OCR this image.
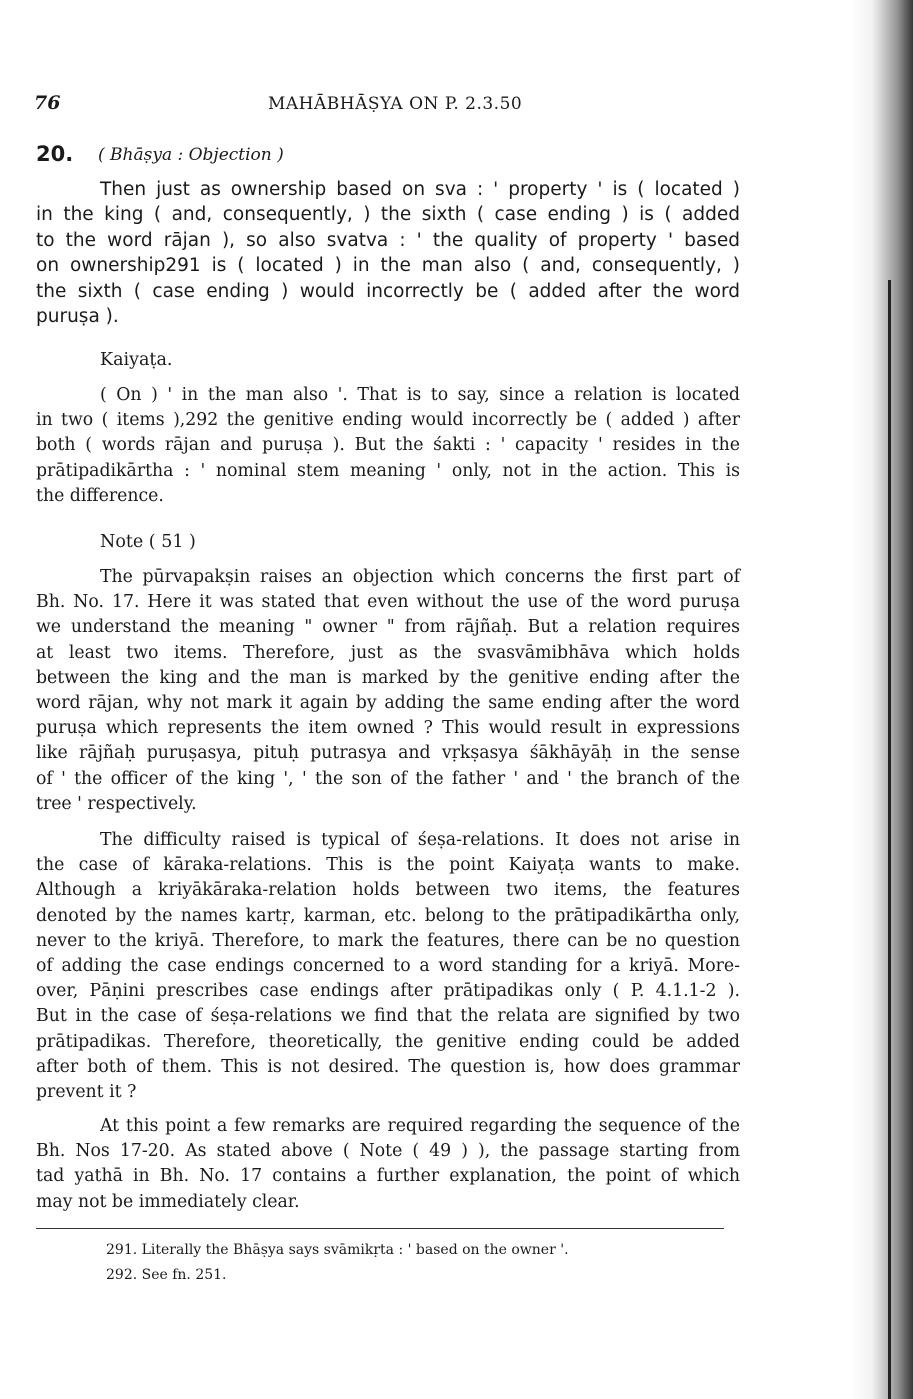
76	MAHĀBHĀṢYA ON P. 2.3.50
20. ( Bhāṣya : Objection )
Then just as ownership based on sva : ' property ' is ( located )
in the king ( and, consequently, ) the sixth ( case ending ) is ( added
to the word rājan ), so also svatva : ' the quality of property ' based
on ownership291 is ( located ) in the man also ( and, consequently, )
the sixth ( case ending ) would incorrectly be ( added after the word
puruṣa ).
Kaiyaṭa.
( On ) ' in the man also '. That is to say, since a relation is located
in two ( items ),292 the genitive ending would incorrectly be ( added ) after
both ( words rājan and puruṣa ). But the śakti : ' capacity ' resides in the
prātipadikārtha : ' nominal stem meaning ' only, not in the action. This is
the difference.
Note ( 51 )
The pūrvapakṣin raises an objection which concerns the first part of
Bh. No. 17. Here it was stated that even without the use of the word puruṣa
we understand the meaning " owner " from rājñaḥ. But a relation requires
at least two items. Therefore, just as the svasvāmibhāva which holds
between the king and the man is marked by the genitive ending after the
word rājan, why not mark it again by adding the same ending after the word
puruṣa which represents the item owned ? This would result in expressions
like rājñaḥ puruṣasya, pituḥ putrasya and vṛkṣasya śākhāyāḥ in the sense
of ' the officer of the king ', ' the son of the father ' and ' the branch of the
tree ' respectively.
The difficulty raised is typical of śeṣa-relations. It does not arise in
the case of kāraka-relations. This is the point Kaiyaṭa wants to make.
Although a kriyākāraka-relation holds between two items, the features
denoted by the names kartṛ, karman, etc. belong to the prātipadikārtha only,
never to the kriyā. Therefore, to mark the features, there can be no question
of adding the case endings concerned to a word standing for a kriyā. More-
over, Pāṇini prescribes case endings after prātipadikas only ( P. 4.1.1-2 ).
But in the case of śeṣa-relations we find that the relata are signified by two
prātipadikas. Therefore, theoretically, the genitive ending could be added
after both of them. This is not desired. The question is, how does grammar
prevent it ?
At this point a few remarks are required regarding the sequence of the
Bh. Nos 17-20. As stated above ( Note ( 49 ) ), the passage starting from
tad yathā in Bh. No. 17 contains a further explanation, the point of which
may not be immediately clear.
291. Literally the Bhāṣya says svāmikṛta : ' based on the owner '.
292. See fn. 251.
